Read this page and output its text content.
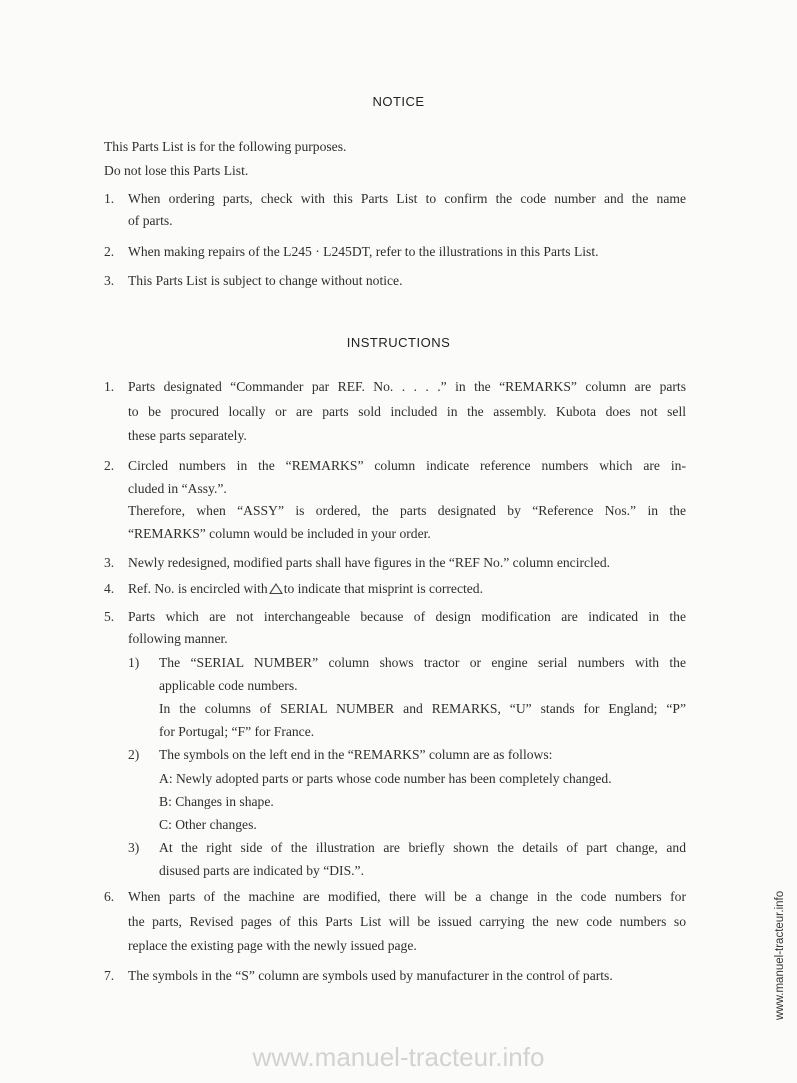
NOTICE
This Parts List is for the following purposes.
Do not lose this Parts List.
1. When ordering parts, check with this Parts List to confirm the code number and the name
of parts.
2. When making repairs of the L245 · L245DT, refer to the illustrations in this Parts List.
3. This Parts List is subject to change without notice.
INSTRUCTIONS
1. Parts designated “Commander par REF. No. . . . .” in the “REMARKS” column are parts
to be procured locally or are parts sold included in the assembly. Kubota does not sell
these parts separately.
2. Circled numbers in the “REMARKS” column indicate reference numbers which are in-
cluded in “Assy.”.
Therefore, when “ASSY” is ordered, the parts designated by “Reference Nos.” in the
“REMARKS” column would be included in your order.
3. Newly redesigned, modified parts shall have figures in the “REF No.” column encircled.
4. Ref. No. is encircled with to indicate that misprint is corrected.
5. Parts which are not interchangeable because of design modification are indicated in the
following manner.
1) The “SERIAL NUMBER” column shows tractor or engine serial numbers with the
applicable code numbers.
In the columns of SERIAL NUMBER and REMARKS, “U” stands for England; “P”
for Portugal; “F” for France.
2) The symbols on the left end in the “REMARKS” column are as follows:
A: Newly adopted parts or parts whose code number has been completely changed.
B: Changes in shape.
C: Other changes.
3) At the right side of the illustration are briefly shown the details of part change, and
disused parts are indicated by “DIS.”.
6. When parts of the machine are modified, there will be a change in the code numbers for
the parts, Revised pages of this Parts List will be issued carrying the new code numbers so
replace the existing page with the newly issued page.
7. The symbols in the “S” column are symbols used by manufacturer in the control of parts.
www.manuel-tracteur.info
www.manuel-tracteur.info
